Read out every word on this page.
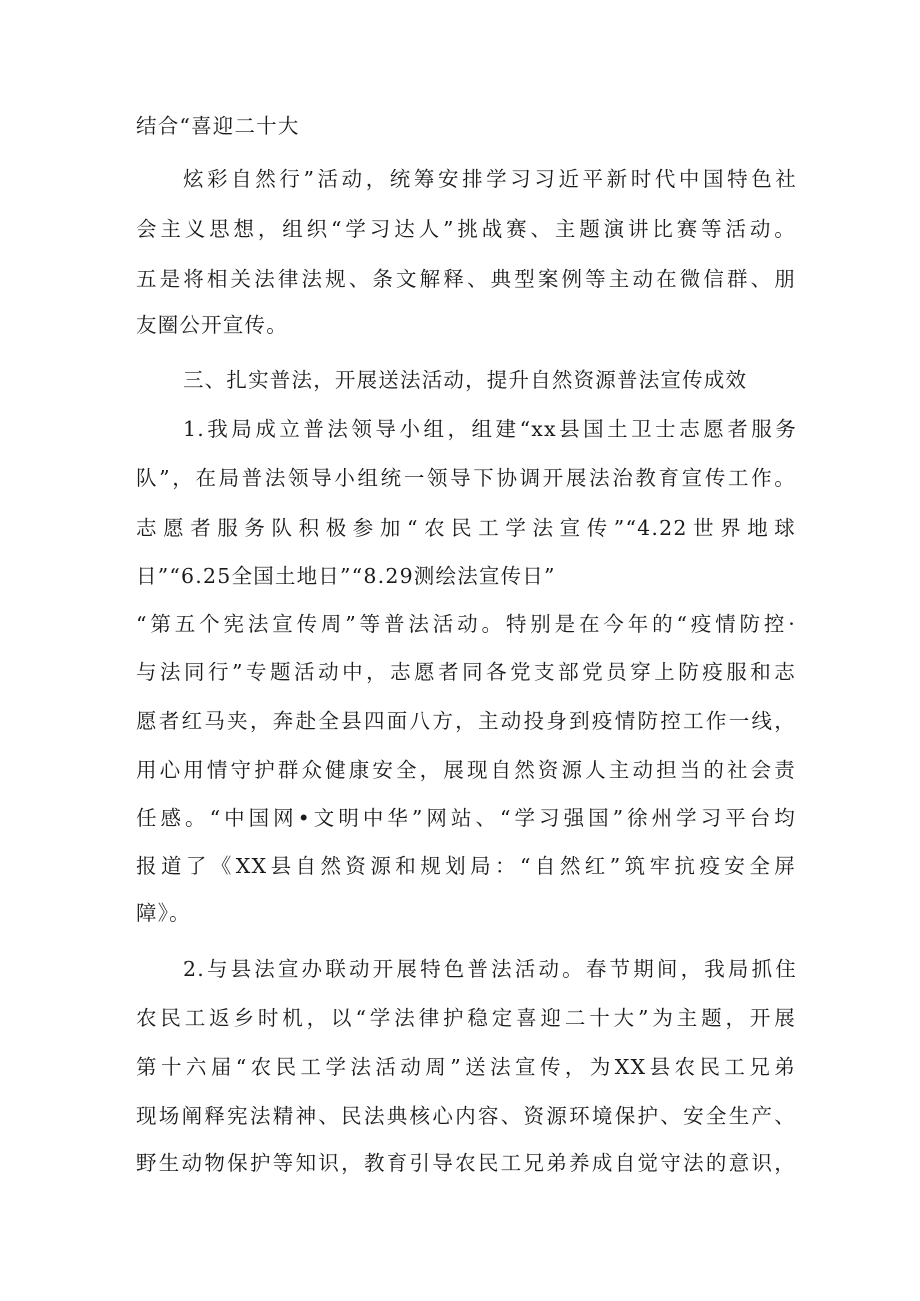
结合“喜迎二十大
炫彩自然行”活动，统筹安排学习习近平新时代中国特色社
会主义思想，组织“学习达人”挑战赛、主题演讲比赛等活动。
五是将相关法律法规、条文解释、典型案例等主动在微信群、朋
友圈公开宣传。
三、扎实普法，开展送法活动，提升自然资源普法宣传成效
1.我局成立普法领导小组，组建“xx县国土卫士志愿者服务
队”，在局普法领导小组统一领导下协调开展法治教育宣传工作。
志愿者服务队积极参加“农民工学法宣传”“4.22世界地球
日”“6.25全国土地日”“8.29测绘法宣传日”
“第五个宪法宣传周”等普法活动。特别是在今年的“疫情防控·
与法同行”专题活动中，志愿者同各党支部党员穿上防疫服和志
愿者红马夹，奔赴全县四面八方，主动投身到疫情防控工作一线，
用心用情守护群众健康安全，展现自然资源人主动担当的社会责
任感。“中国网•文明中华”网站、“学习强国”徐州学习平台均
报道了《XX县自然资源和规划局：“自然红”筑牢抗疫安全屏
障》。
2.与县法宣办联动开展特色普法活动。春节期间，我局抓住
农民工返乡时机，以“学法律护稳定喜迎二十大”为主题，开展
第十六届“农民工学法活动周”送法宣传，为XX县农民工兄弟
现场阐释宪法精神、民法典核心内容、资源环境保护、安全生产、
野生动物保护等知识，教育引导农民工兄弟养成自觉守法的意识，
